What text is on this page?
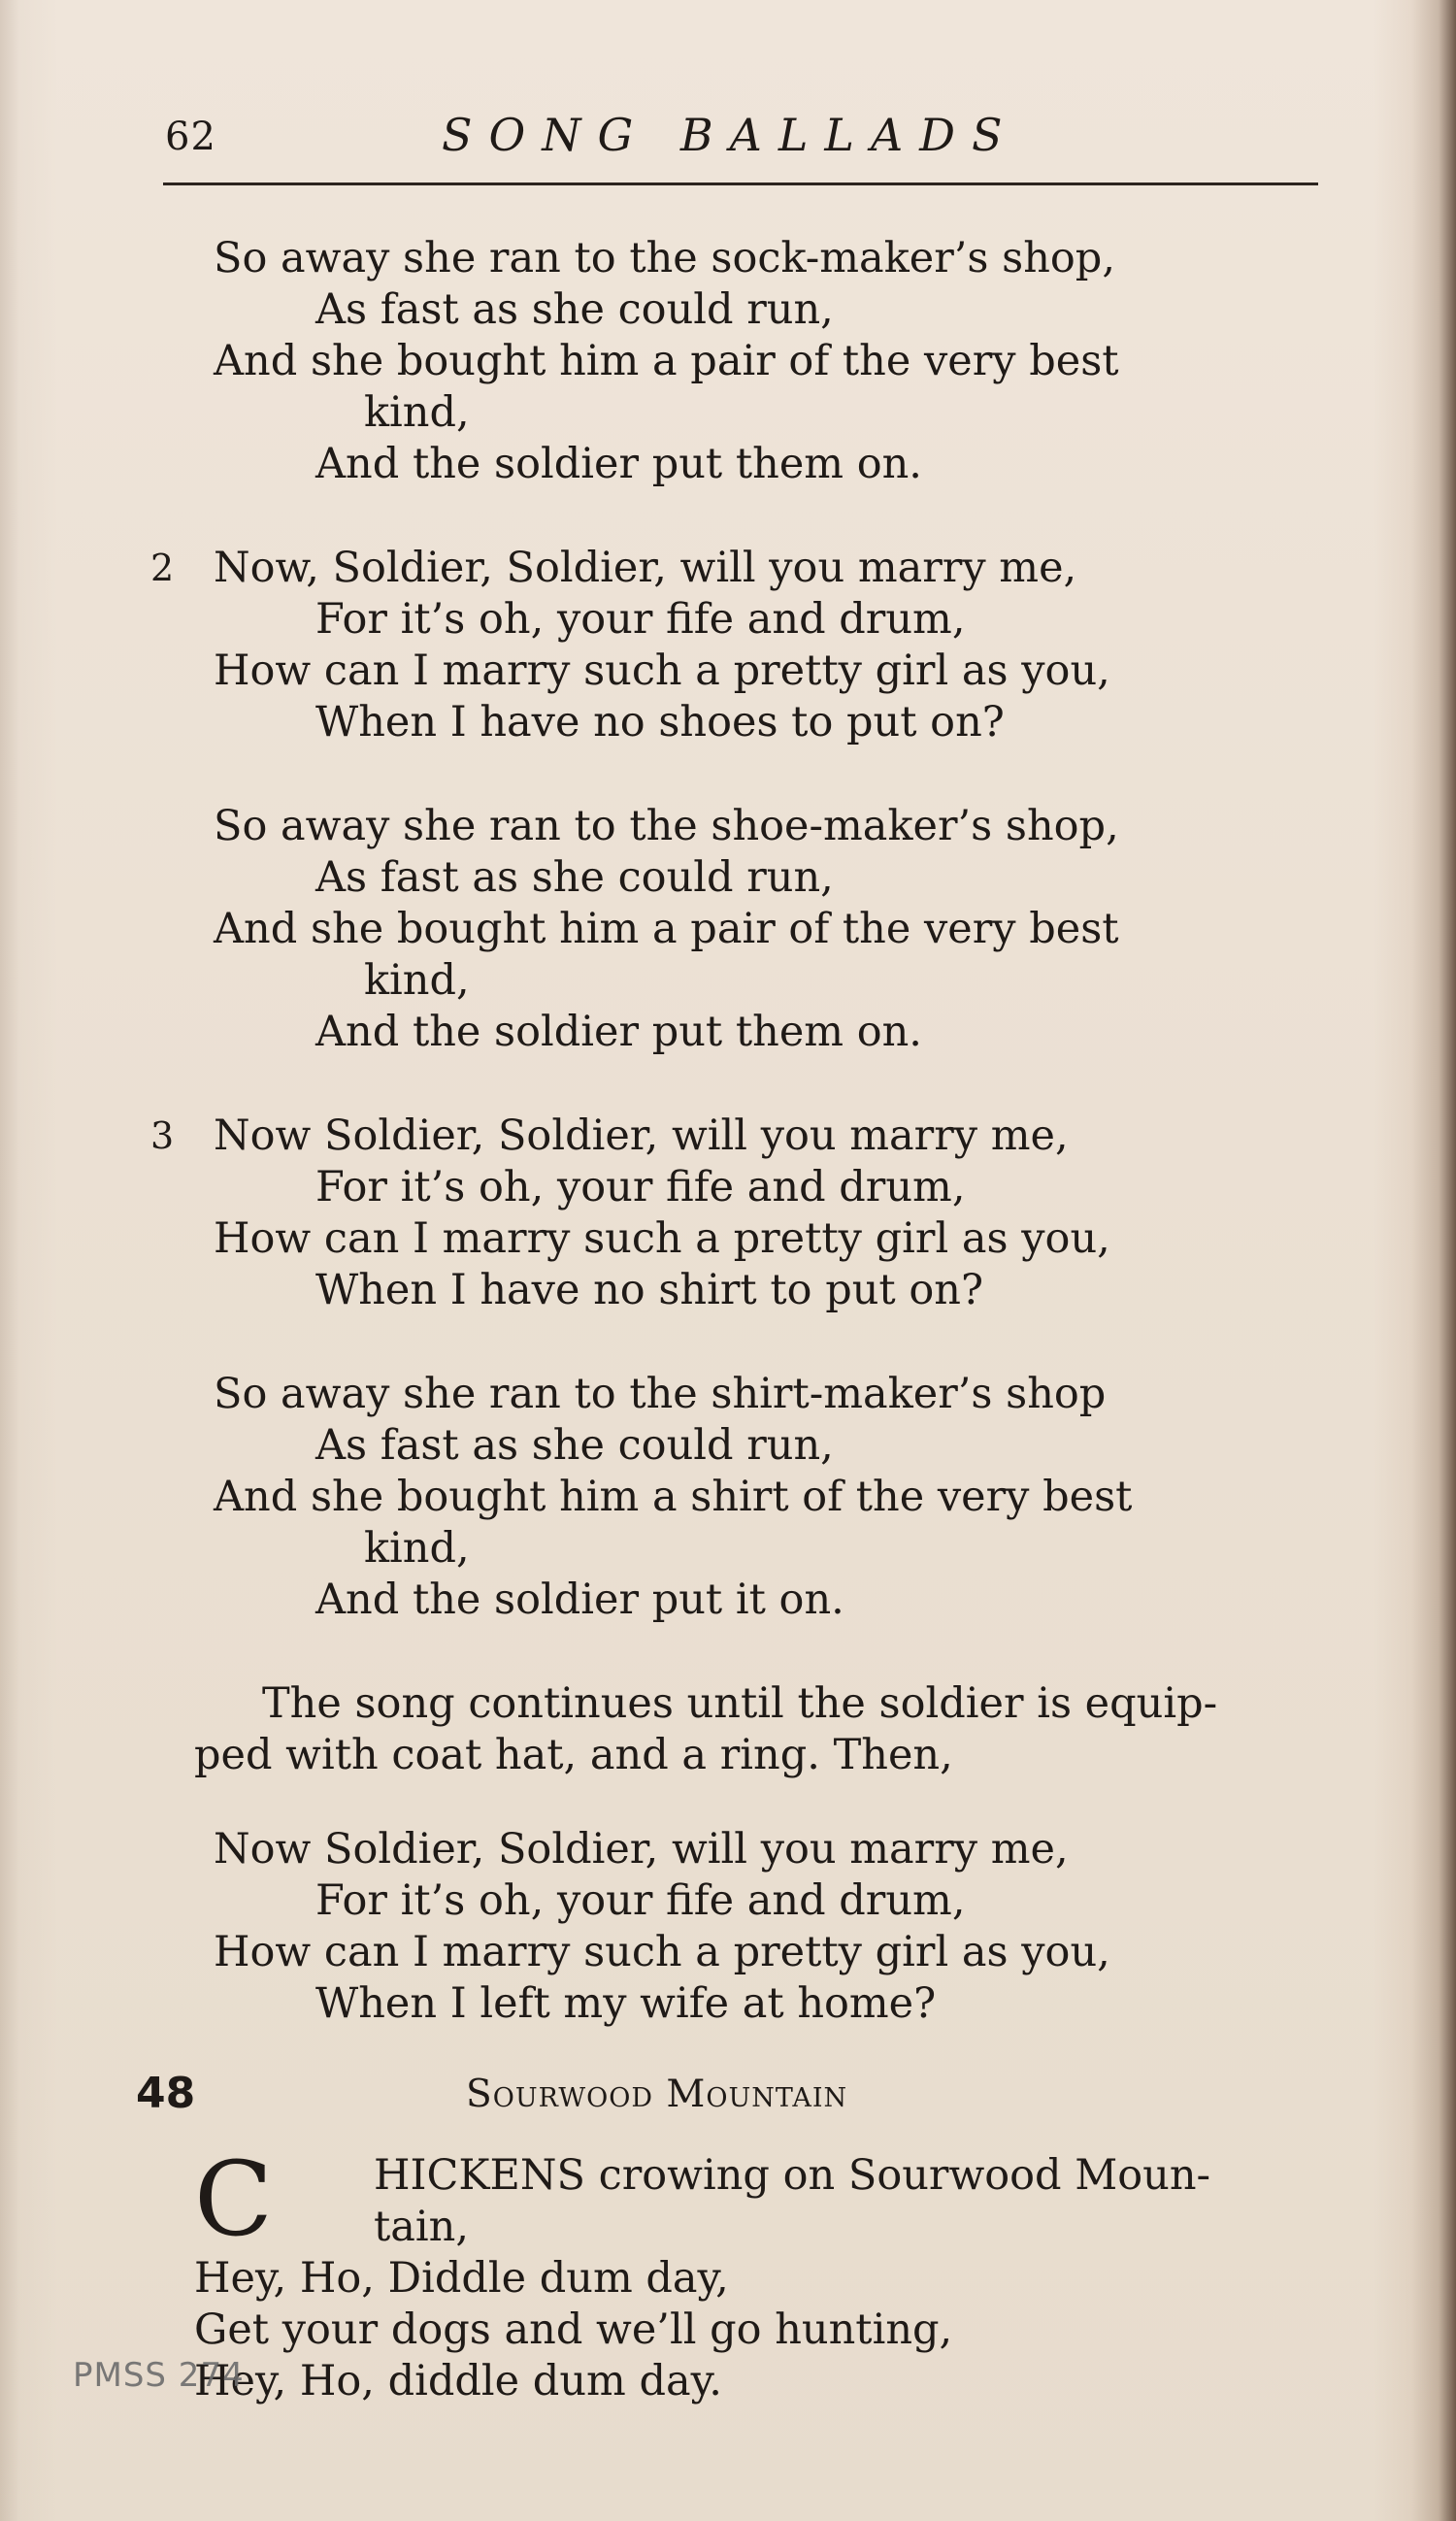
62	SONG BALLADS
So away she ran to the sock-maker’s shop,
As fast as she could run,
And she bought him a pair of the very best
kind,
And the soldier put them on.
2 Now, Soldier, Soldier, will you marry me,
For it’s oh, your fife and drum,
How can I marry such a pretty girl as you,
When I have no shoes to put on?
So away she ran to the shoe-maker’s shop,
As fast as she could run,
And she bought him a pair of the very best
kind,
And the soldier put them on.
3 Now Soldier, Soldier, will you marry me,
For it’s oh, your fife and drum,
How can I marry such a pretty girl as you,
When I have no shirt to put on?
So away she ran to the shirt-maker’s shop
As fast as she could run,
And she bought him a shirt of the very best
kind,
And the soldier put it on.
The song continues until the soldier is equip-
ped with coat hat, and a ring. Then,
Now Soldier, Soldier, will you marry me,
For it’s oh, your fife and drum,
How can I marry such a pretty girl as you,
When I left my wife at home?
48	Sourwood Mountain
C	HICKENS crowing on Sourwood Moun-
tain,
Hey, Ho, Diddle dum day,
Get your dogs and we’ll go hunting,
Hey, Ho, diddle dum day.
PMSS 274
